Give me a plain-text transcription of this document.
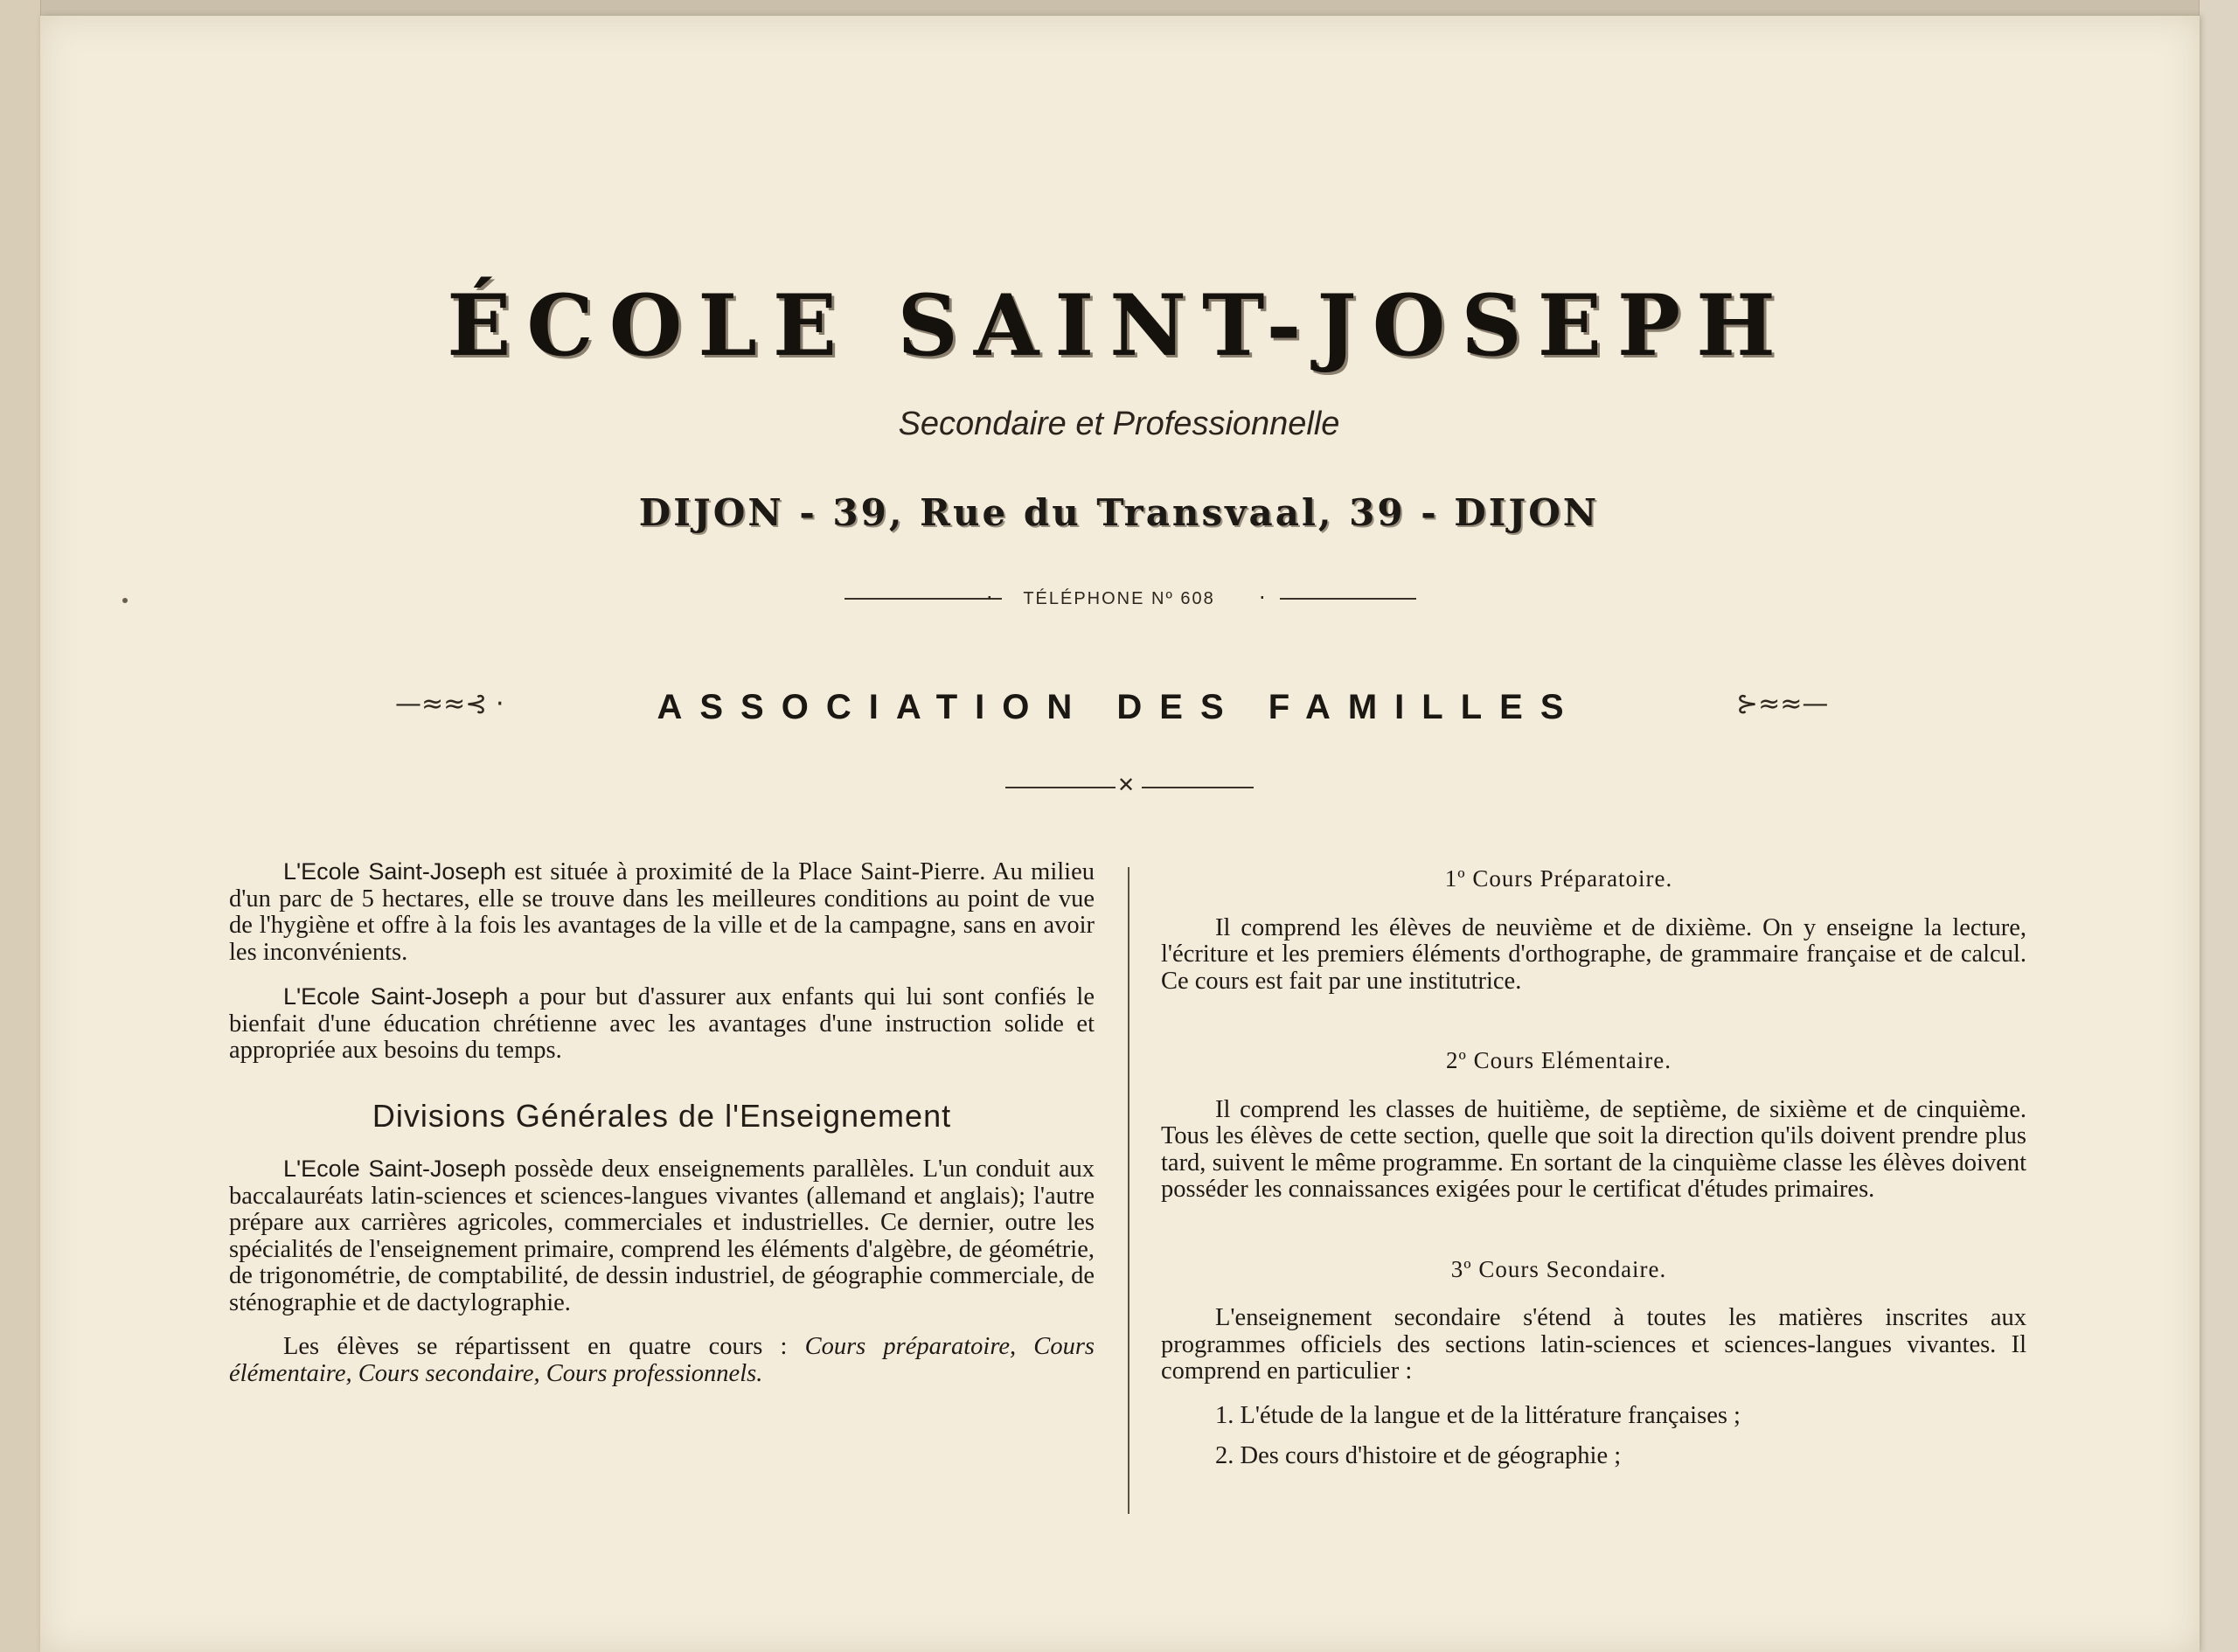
ÉCOLE SAINT-JOSEPH
Secondaire et Professionnelle
DIJON - 39, Rue du Transvaal, 39 - DIJON
TÉLÉPHONE Nº 608
·	·
—≈≈⊰ ·	ASSOCIATION DES FAMILLES	⊱≈≈—
✕

L'Ecole Saint-Joseph est située à proximité de la Place Saint-Pierre. Au milieu d'un parc de 5 hectares, elle se trouve dans les meilleures conditions au point de vue de l'hygiène et offre à la fois les avantages de la ville et de la campagne, sans en avoir les inconvénients.

L'Ecole Saint-Joseph a pour but d'assurer aux enfants qui lui sont confiés le bienfait d'une éducation chrétienne avec les avantages d'une instruction solide et appropriée aux besoins du temps.

Divisions Générales de l'Enseignement

L'Ecole Saint-Joseph possède deux enseignements parallèles. L'un conduit aux baccalauréats latin-sciences et sciences-langues vivantes (allemand et anglais); l'autre prépare aux carrières agricoles, commerciales et industrielles. Ce dernier, outre les spécialités de l'enseignement primaire, comprend les éléments d'algèbre, de géométrie, de trigonométrie, de comptabilité, de dessin industriel, de géographie commerciale, de sténographie et de dactylographie.

Les élèves se répartissent en quatre cours : Cours préparatoire, Cours élémentaire, Cours secondaire, Cours professionnels.

1º Cours Préparatoire.

Il comprend les élèves de neuvième et de dixième. On y enseigne la lecture, l'écriture et les premiers éléments d'orthographe, de grammaire française et de calcul. Ce cours est fait par une institutrice.

2º Cours Elémentaire.

Il comprend les classes de huitième, de septième, de sixième et de cinquième. Tous les élèves de cette section, quelle que soit la direction qu'ils doivent prendre plus tard, suivent le même programme. En sortant de la cinquième classe les élèves doivent posséder les connaissances exigées pour le certificat d'études primaires.

3º Cours Secondaire.

L'enseignement secondaire s'étend à toutes les matières inscrites aux programmes officiels des sections latin-sciences et sciences-langues vivantes. Il comprend en particulier :

1. L'étude de la langue et de la littérature françaises ;
2. Des cours d'histoire et de géographie ;
